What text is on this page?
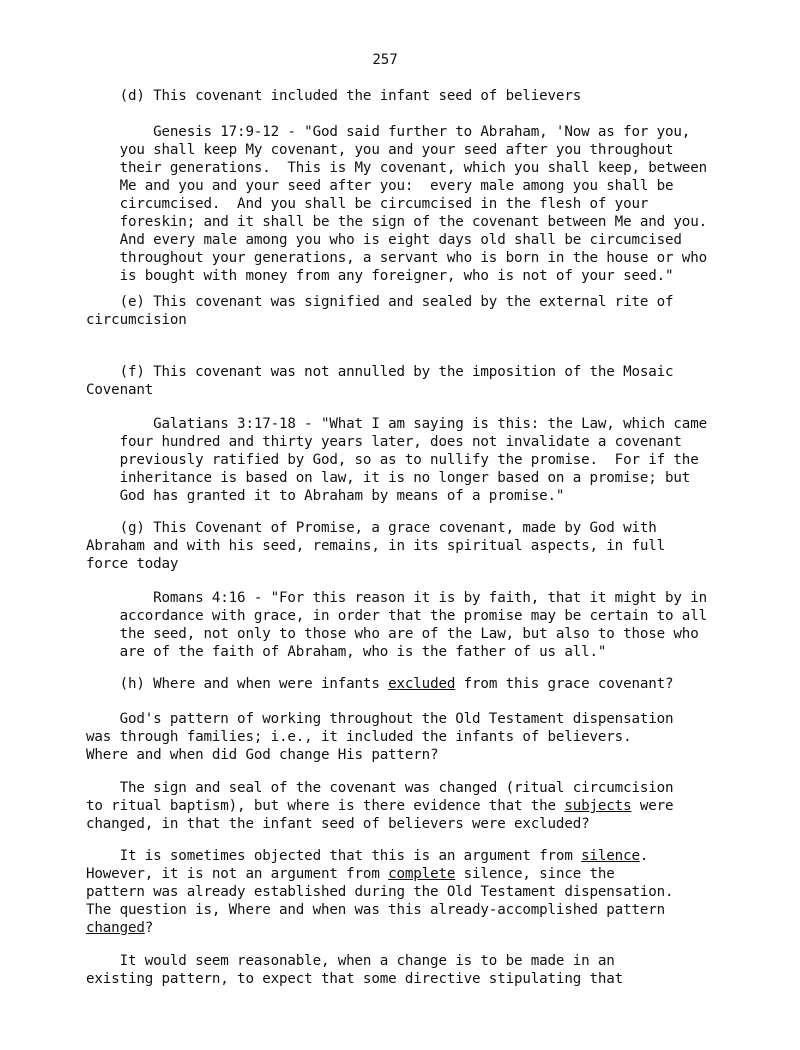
257

(d) This covenant included the infant seed of believers

Genesis 17:9-12 - "God said further to Abraham, 'Now as for you,
you shall keep My covenant, you and your seed after you throughout
their generations.  This is My covenant, which you shall keep, between
Me and you and your seed after you:  every male among you shall be
circumcised.  And you shall be circumcised in the flesh of your
foreskin; and it shall be the sign of the covenant between Me and you.
And every male among you who is eight days old shall be circumcised
throughout your generations, a servant who is born in the house or who
is bought with money from any foreigner, who is not of your seed."

(e) This covenant was signified and sealed by the external rite of
circumcision

(f) This covenant was not annulled by the imposition of the Mosaic
Covenant

Galatians 3:17-18 - "What I am saying is this: the Law, which came
four hundred and thirty years later, does not invalidate a covenant
previously ratified by God, so as to nullify the promise.  For if the
inheritance is based on law, it is no longer based on a promise; but
God has granted it to Abraham by means of a promise."

(g) This Covenant of Promise, a grace covenant, made by God with
Abraham and with his seed, remains, in its spiritual aspects, in full
force today

Romans 4:16 - "For this reason it is by faith, that it might by in
accordance with grace, in order that the promise may be certain to all
the seed, not only to those who are of the Law, but also to those who
are of the faith of Abraham, who is the father of us all."

(h) Where and when were infants excluded from this grace covenant?

God's pattern of working throughout the Old Testament dispensation
was through families; i.e., it included the infants of believers.
Where and when did God change His pattern?

The sign and seal of the covenant was changed (ritual circumcision
to ritual baptism), but where is there evidence that the subjects were
changed, in that the infant seed of believers were excluded?

It is sometimes objected that this is an argument from silence.
However, it is not an argument from complete silence, since the
pattern was already established during the Old Testament dispensation.
The question is, Where and when was this already-accomplished pattern
changed?

It would seem reasonable, when a change is to be made in an
existing pattern, to expect that some directive stipulating that
